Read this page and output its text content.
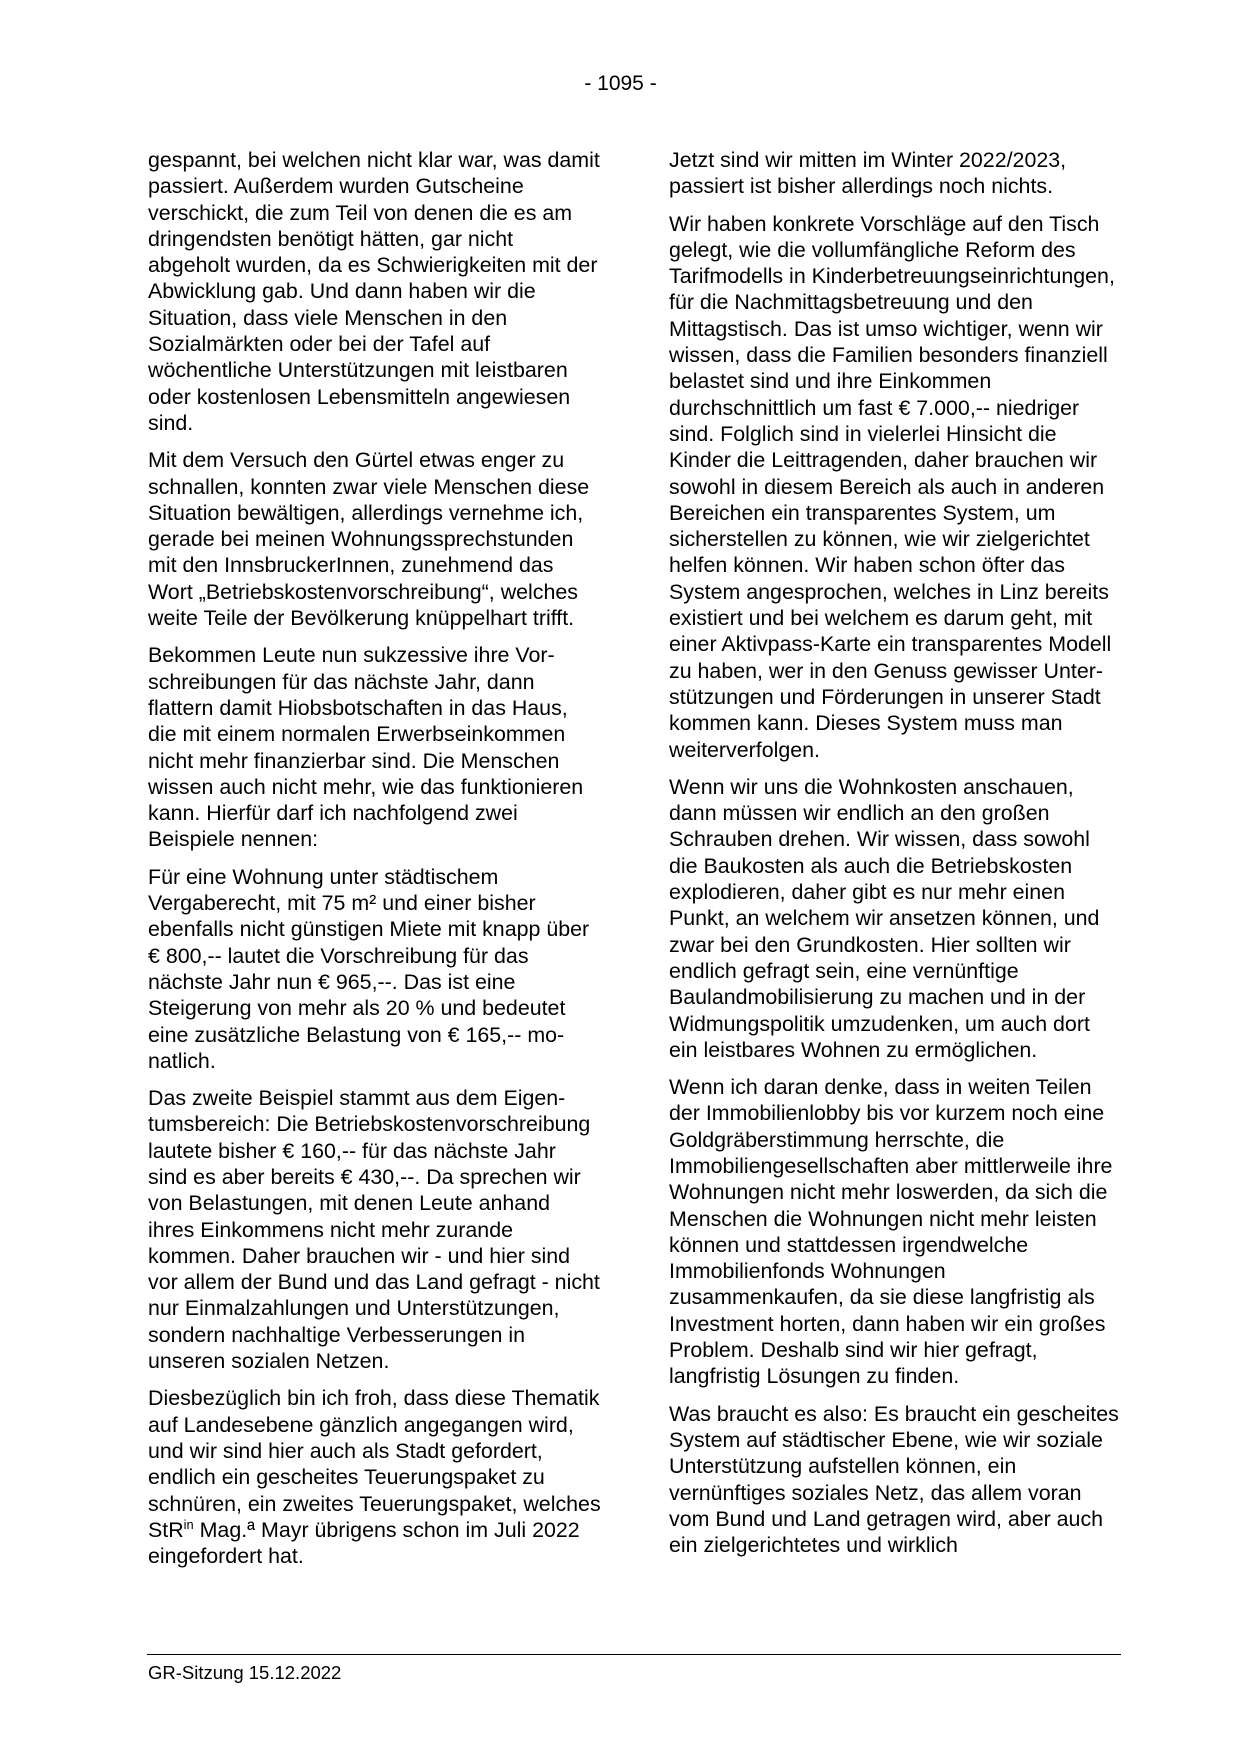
- 1095 -

gespannt, bei welchen nicht klar war, was damit passiert. Außerdem wurden Gutscheine verschickt, die zum Teil von denen die es am dringendsten benötigt hätten, gar nicht abgeholt wurden, da es Schwierigkeiten mit der Abwicklung gab. Und dann haben wir die Situation, dass viele Menschen in den Sozialmärkten oder bei der Tafel auf wöchentliche Unterstützungen mit leistbaren oder kostenlosen Lebensmitteln angewiesen sind.

Mit dem Versuch den Gürtel etwas enger zu schnallen, konnten zwar viele Menschen diese Situation bewältigen, allerdings vernehme ich, gerade bei meinen Wohnungssprechstunden mit den InnsbruckerInnen, zunehmend das Wort „Betriebskostenvorschreibung“, welches weite Teile der Bevölkerung knüppelhart trifft.

Bekommen Leute nun sukzessive ihre Vorschreibungen für das nächste Jahr, dann flattern damit Hiobsbotschaften in das Haus, die mit einem normalen Erwerbseinkommen nicht mehr finanzierbar sind. Die Menschen wissen auch nicht mehr, wie das funktionieren kann. Hierfür darf ich nachfolgend zwei Beispiele nennen:

Für eine Wohnung unter städtischem Vergaberecht, mit 75 m² und einer bisher ebenfalls nicht günstigen Miete mit knapp über € 800,-- lautet die Vorschreibung für das nächste Jahr nun € 965,--. Das ist eine Steigerung von mehr als 20 % und bedeutet eine zusätzliche Belastung von € 165,-- monatlich.

Das zweite Beispiel stammt aus dem Eigentumsbereich: Die Betriebskostenvorschreibung lautete bisher € 160,-- für das nächste Jahr sind es aber bereits € 430,--. Da sprechen wir von Belastungen, mit denen Leute anhand ihres Einkommens nicht mehr zurande kommen. Daher brauchen wir - und hier sind vor allem der Bund und das Land gefragt - nicht nur Einmalzahlungen und Unterstützungen, sondern nachhaltige Verbesserungen in unseren sozialen Netzen.

Diesbezüglich bin ich froh, dass diese Thematik auf Landesebene gänzlich angegangen wird, und wir sind hier auch als Stadt gefordert, endlich ein gescheites Teuerungspaket zu schnüren, ein zweites Teuerungspaket, welches StR$^{in}$ Mag.ª Mayr übrigens schon im Juli 2022 eingefordert hat.

Jetzt sind wir mitten im Winter 2022/2023, passiert ist bisher allerdings noch nichts.

Wir haben konkrete Vorschläge auf den Tisch gelegt, wie die vollumfängliche Reform des Tarifmodells in Kinderbetreuungseinrichtungen, für die Nachmittagsbetreuung und den Mittagstisch. Das ist umso wichtiger, wenn wir wissen, dass die Familien besonders finanziell belastet sind und ihre Einkommen durchschnittlich um fast € 7.000,-- niedriger sind. Folglich sind in vielerlei Hinsicht die Kinder die Leittragenden, daher brauchen wir sowohl in diesem Bereich als auch in anderen Bereichen ein transparentes System, um sicherstellen zu können, wie wir zielgerichtet helfen können. Wir haben schon öfter das System angesprochen, welches in Linz bereits existiert und bei welchem es darum geht, mit einer Aktivpass-Karte ein transparentes Modell zu haben, wer in den Genuss gewisser Unterstützungen und Förderungen in unserer Stadt kommen kann. Dieses System muss man weiterverfolgen.

Wenn wir uns die Wohnkosten anschauen, dann müssen wir endlich an den großen Schrauben drehen. Wir wissen, dass sowohl die Baukosten als auch die Betriebskosten explodieren, daher gibt es nur mehr einen Punkt, an welchem wir ansetzen können, und zwar bei den Grundkosten. Hier sollten wir endlich gefragt sein, eine vernünftige Baulandmobilisierung zu machen und in der Widmungspolitik umzudenken, um auch dort ein leistbares Wohnen zu ermöglichen.

Wenn ich daran denke, dass in weiten Teilen der Immobilienlobby bis vor kurzem noch eine Goldgräberstimmung herrschte, die Immobiliengesellschaften aber mittlerweile ihre Wohnungen nicht mehr loswerden, da sich die Menschen die Wohnungen nicht mehr leisten können und stattdessen irgendwelche Immobilienfonds Wohnungen zusammenkaufen, da sie diese langfristig als Investment horten, dann haben wir ein großes Problem. Deshalb sind wir hier gefragt, langfristig Lösungen zu finden.

Was braucht es also: Es braucht ein gescheites System auf städtischer Ebene, wie wir soziale Unterstützung aufstellen können, ein vernünftiges soziales Netz, das allem voran vom Bund und Land getragen wird, aber auch ein zielgerichtetes und wirklich

GR-Sitzung 15.12.2022
